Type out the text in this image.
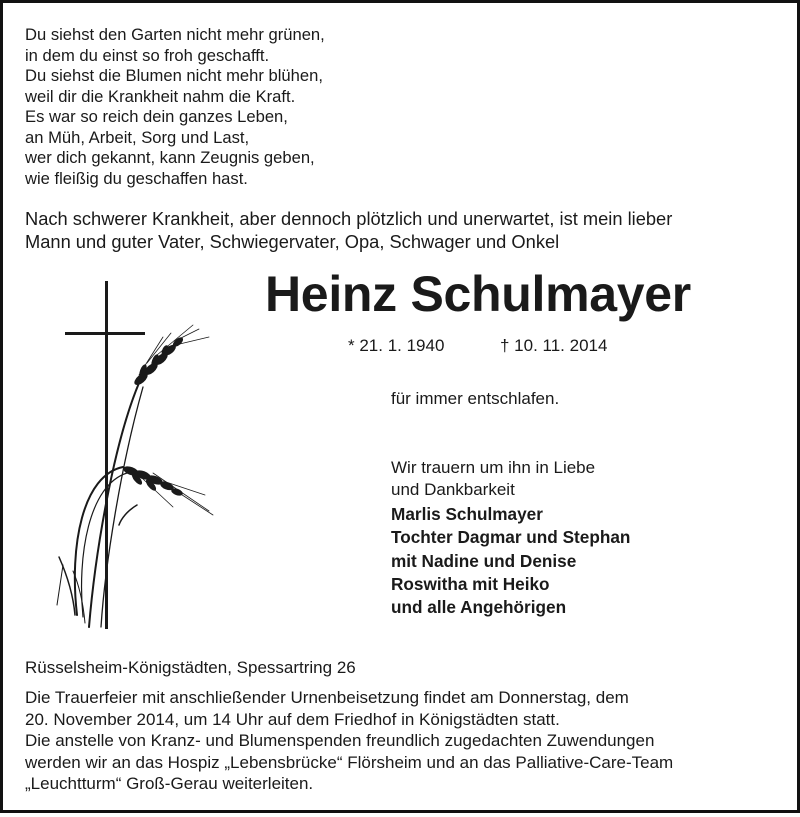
Du siehst den Garten nicht mehr grünen,
in dem du einst so froh geschafft.
Du siehst die Blumen nicht mehr blühen,
weil dir die Krankheit nahm die Kraft.
Es war so reich dein ganzes Leben,
an Müh, Arbeit, Sorg und Last,
wer dich gekannt, kann Zeugnis geben,
wie fleißig du geschaffen hast.
Nach schwerer Krankheit, aber dennoch plötzlich und unerwartet, ist mein lieber
Mann und guter Vater, Schwiegervater, Opa, Schwager und Onkel
Heinz Schulmayer
* 21. 1. 1940	† 10. 11. 2014
für immer entschlafen.
Wir trauern um ihn in Liebe
und Dankbarkeit
Marlis Schulmayer
Tochter Dagmar und Stephan
mit Nadine und Denise
Roswitha mit Heiko
und alle Angehörigen
Rüsselsheim-Königstädten, Spessartring 26
Die Trauerfeier mit anschließender Urnenbeisetzung findet am Donnerstag, dem
20. November 2014, um 14 Uhr auf dem Friedhof in Königstädten statt.
Die anstelle von Kranz- und Blumenspenden freundlich zugedachten Zuwendungen
werden wir an das Hospiz „Lebensbrücke“ Flörsheim und an das Palliative-Care-Team
„Leuchtturm“ Groß-Gerau weiterleiten.
